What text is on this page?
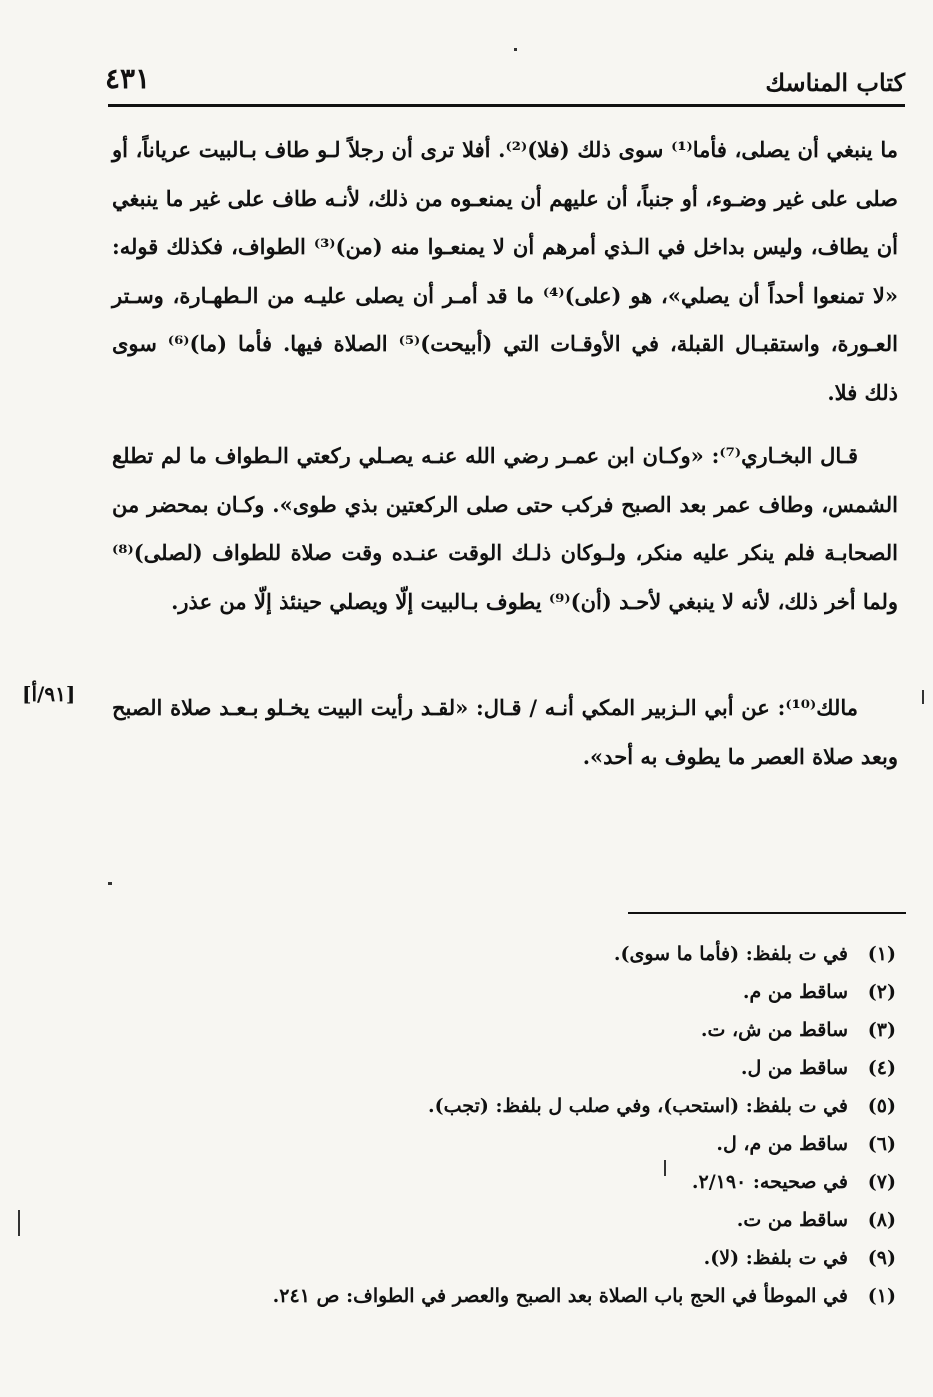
كتاب المناسك
٤٣١
ما ينبغي أن يصلى، فأما⁽¹⁾ سوى ذلك (فلا)⁽²⁾. أفلا ترى أن رجلاً لـو طاف بـالبيت عرياناً، أو صلى على غير وضـوء، أو جنباً، أن عليهم أن يمنعـوه من ذلك، لأنـه طاف على غير ما ينبغي أن يطاف، وليس بداخل في الـذي أمرهم أن لا يمنعـوا منه (من)⁽³⁾ الطواف، فكذلك قوله: «لا تمنعوا أحداً أن يصلي»، هو (على)⁽⁴⁾ ما قد أمـر أن يصلى عليـه من الـطهـارة، وسـتر العـورة، واستقبـال القبلة، في الأوقـات التي (أبيحت)⁽⁵⁾ الصلاة فيها. فأما (ما)⁽⁶⁾ سوى ذلك فلا.
قـال البخـاري⁽⁷⁾: «وكـان ابن عمـر رضي الله عنـه يصـلي ركعتي الـطواف ما لم تطلع الشمس، وطاف عمر بعد الصبح فركب حتى صلى الركعتين بذي طوى». وكـان بمحضر من الصحابـة فلم ينكر عليه منكر، ولـوكان ذلـك الوقت عنـده وقت صلاة للطواف (لصلى)⁽⁸⁾ ولما أخر ذلك، لأنه لا ينبغي لأحـد (أن)⁽⁹⁾ يطوف بـالبيت إلّا ويصلي حينئذ إلّا من عذر.
مالك⁽¹⁰⁾: عن أبي الـزبير المكي أنـه / قـال: «لقـد رأيت البيت يخـلو بـعـد صلاة الصبح وبعد صلاة العصر ما يطوف به أحد».
[٩١/أ]
(١)في ت بلفظ: (فأما ما سوى).
(٢)ساقط من م.
(٣)ساقط من ش، ت.
(٤)ساقط من ل.
(٥)في ت بلفظ: (استحب)، وفي صلب ل بلفظ: (تجب).
(٦)ساقط من م، ل.
(٧)في صحيحه: ٢/١٩٠.
(٨)ساقط من ت.
(٩)في ت بلفظ: (لا).
(١)في الموطأ في الحج باب الصلاة بعد الصبح والعصر في الطواف: ص ٢٤١.
